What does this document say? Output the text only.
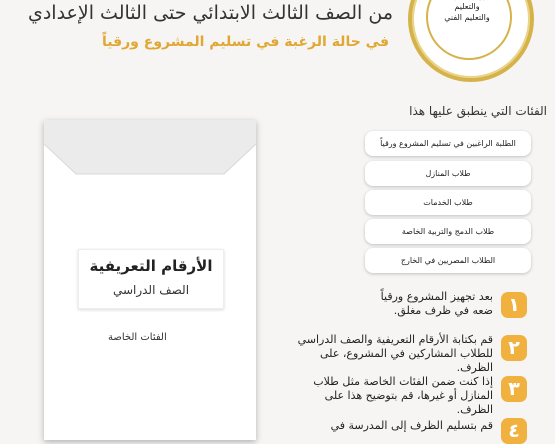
من الصف الثالث الابتدائي حتى الثالث الإعدادي
في حالة الرغبة في تسليم المشروع ورقياً
والتعليم
والتعليم الفني
الفئات التي ينطبق عليها هذا
الطلبة الراغبين في تسليم المشروع ورقياً
طلاب المنازل
طلاب الخدمات
طلاب الدمج والتربية الخاصة
الطلاب المصريين في الخارج
١
بعد تجهيز المشروع ورقياً ضعه في ظرف مغلق.
٢
قم بكتابة الأرقام التعريفية والصف الدراسي للطلاب المشاركين في المشروع، على الظرف.
٣
إذا كنت ضمن الفئات الخاصة مثل طلاب المنازل أو غيرها، قم بتوضيح هذا على الظرف.
٤
قم بتسليم الظرف إلى المدرسة في
الأرقام التعريفية
الصف الدراسي
الفئات الخاصة
